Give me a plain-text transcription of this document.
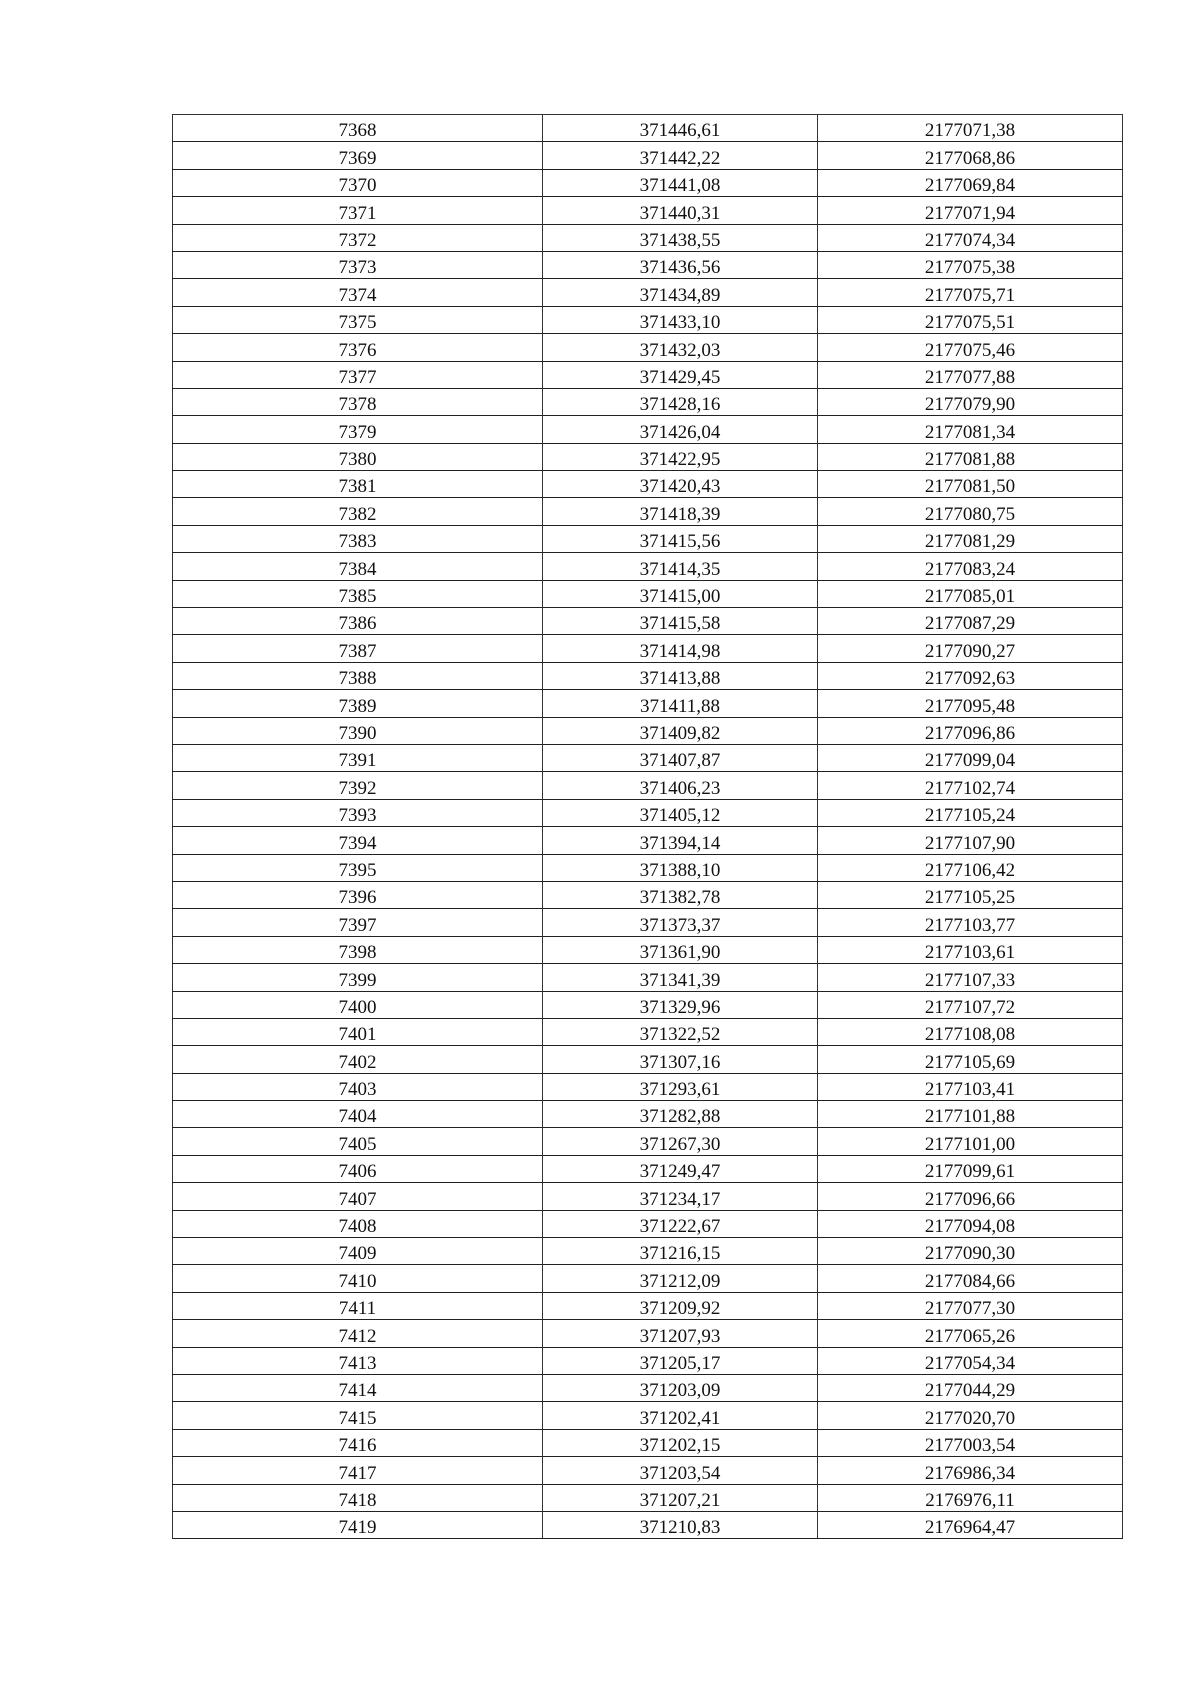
7368	371446,61	2177071,38
7369	371442,22	2177068,86
7370	371441,08	2177069,84
7371	371440,31	2177071,94
7372	371438,55	2177074,34
7373	371436,56	2177075,38
7374	371434,89	2177075,71
7375	371433,10	2177075,51
7376	371432,03	2177075,46
7377	371429,45	2177077,88
7378	371428,16	2177079,90
7379	371426,04	2177081,34
7380	371422,95	2177081,88
7381	371420,43	2177081,50
7382	371418,39	2177080,75
7383	371415,56	2177081,29
7384	371414,35	2177083,24
7385	371415,00	2177085,01
7386	371415,58	2177087,29
7387	371414,98	2177090,27
7388	371413,88	2177092,63
7389	371411,88	2177095,48
7390	371409,82	2177096,86
7391	371407,87	2177099,04
7392	371406,23	2177102,74
7393	371405,12	2177105,24
7394	371394,14	2177107,90
7395	371388,10	2177106,42
7396	371382,78	2177105,25
7397	371373,37	2177103,77
7398	371361,90	2177103,61
7399	371341,39	2177107,33
7400	371329,96	2177107,72
7401	371322,52	2177108,08
7402	371307,16	2177105,69
7403	371293,61	2177103,41
7404	371282,88	2177101,88
7405	371267,30	2177101,00
7406	371249,47	2177099,61
7407	371234,17	2177096,66
7408	371222,67	2177094,08
7409	371216,15	2177090,30
7410	371212,09	2177084,66
7411	371209,92	2177077,30
7412	371207,93	2177065,26
7413	371205,17	2177054,34
7414	371203,09	2177044,29
7415	371202,41	2177020,70
7416	371202,15	2177003,54
7417	371203,54	2176986,34
7418	371207,21	2176976,11
7419	371210,83	2176964,47
